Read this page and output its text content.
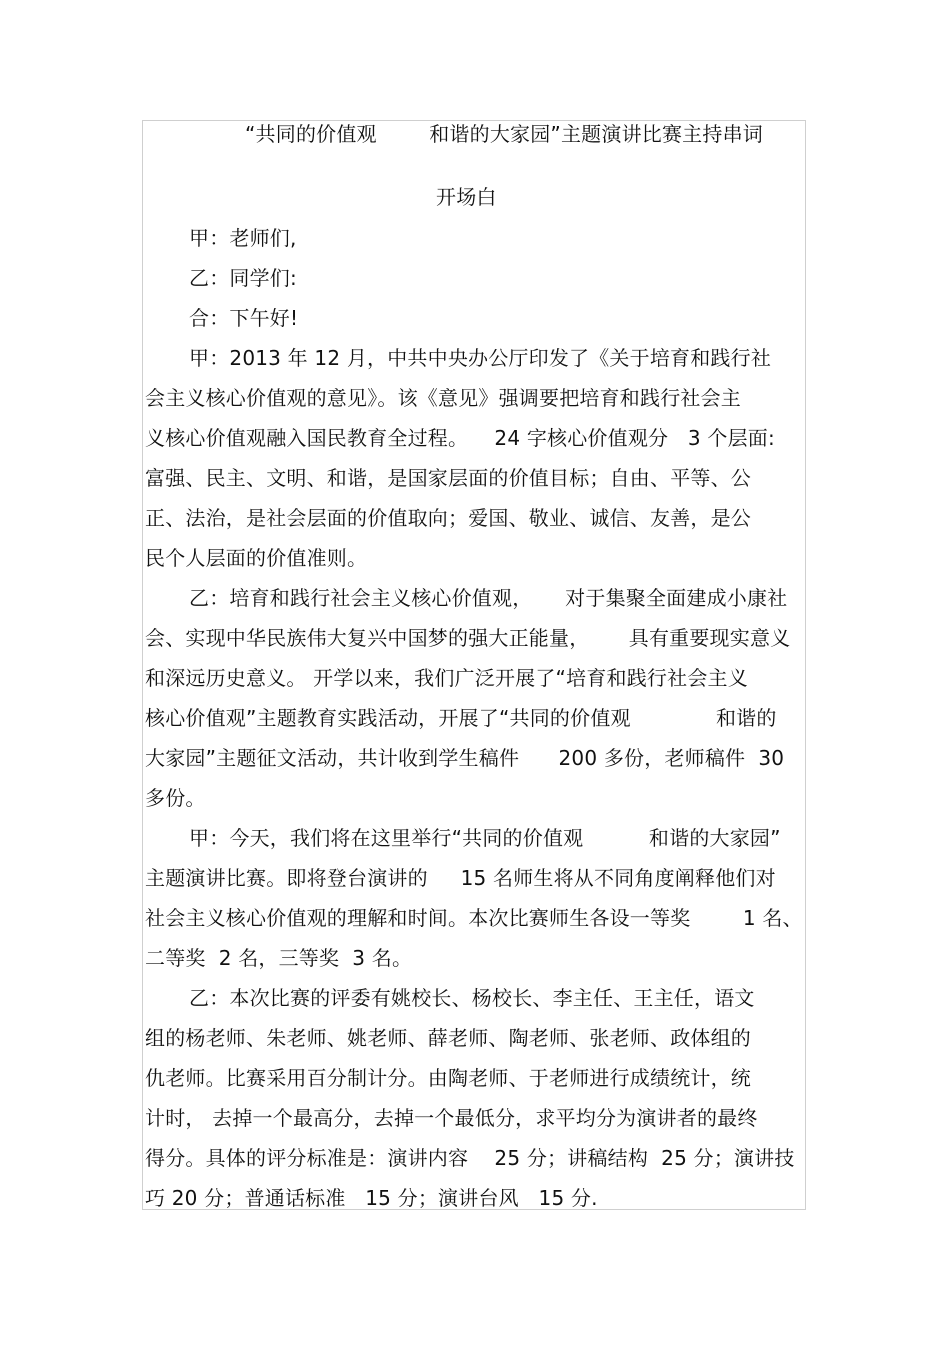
“共同的价值观        和谐的大家园”主题演讲比赛主持串词
开场白
甲：老师们,
乙：同学们:
合：下午好!
甲：2013 年 12 月，中共中央办公厅印发了《关于培育和践行社
会主义核心价值观的意见》。该《意见》强调要把培育和践行社会主
义核心价值观融入国民教育全过程。    24 字核心价值观分   3 个层面:
富强、民主、文明、和谐，是国家层面的价值目标；自由、平等、公
正、法治，是社会层面的价值取向；爱国、敬业、诚信、友善，是公
民个人层面的价值准则。
乙：培育和践行社会主义核心价值观，     对于集聚全面建成小康社
会、实现中华民族伟大复兴中国梦的强大正能量，      具有重要现实意义
和深远历史意义。 开学以来，我们广泛开展了“培育和践行社会主义
核心价值观”主题教育实践活动，开展了“共同的价值观             和谐的
大家园”主题征文活动，共计收到学生稿件      200 多份，老师稿件  30
多份。
甲：今天，我们将在这里举行“共同的价值观          和谐的大家园”
主题演讲比赛。即将登台演讲的     15 名师生将从不同角度阐释他们对
社会主义核心价值观的理解和时间。本次比赛师生各设一等奖        1 名、
二等奖  2 名，三等奖  3 名。
乙：本次比赛的评委有姚校长、杨校长、李主任、王主任，语文
组的杨老师、朱老师、姚老师、薛老师、陶老师、张老师、政体组的
仇老师。比赛采用百分制计分。由陶老师、于老师进行成绩统计，统
计时， 去掉一个最高分，去掉一个最低分，求平均分为演讲者的最终
得分。具体的评分标准是：演讲内容    25 分；讲稿结构  25 分；演讲技
巧 20 分；普通话标准   15 分；演讲台风   15 分.
